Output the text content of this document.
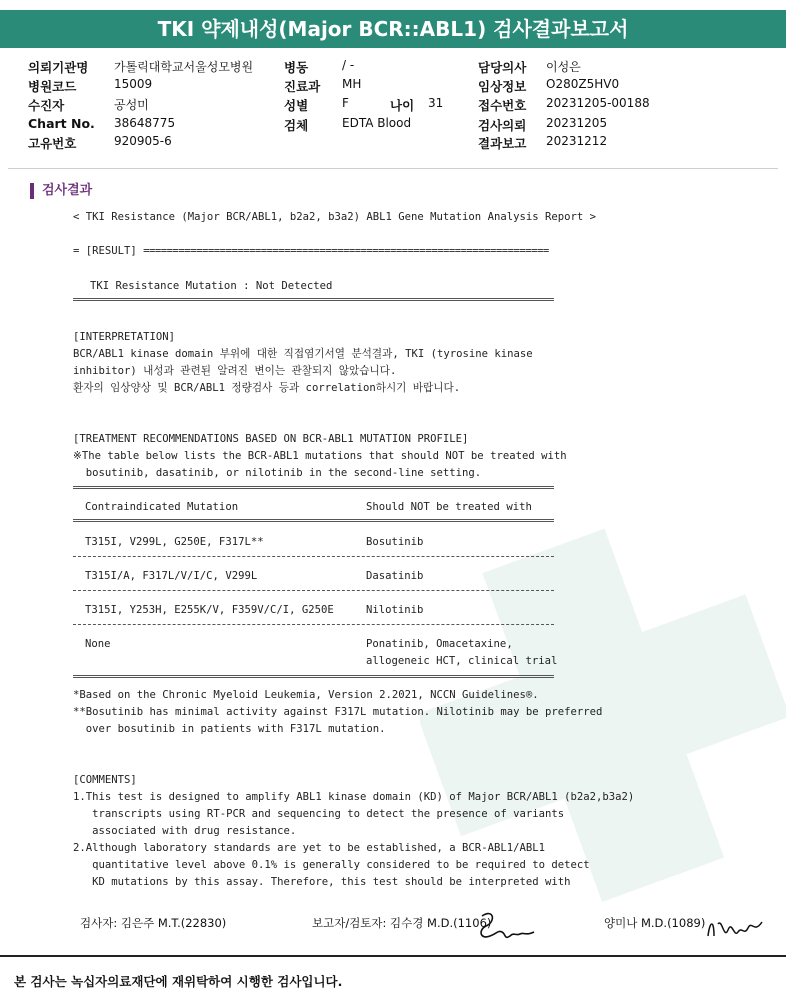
TKI 약제내성(Major BCR::ABL1) 검사결과보고서
의뢰기관명 가톨릭대학교서울성모병원
병원코드	15009
수진자	공성미
Chart No. 38648775
고유번호	920905-6
병동	/ -
진료과 MH
성별	F	나이 31
검체	EDTA Blood
담당의사 이성은
임상정보 O280Z5HV0
접수번호 20231205-00188
검사의뢰 20231205
결과보고 20231212
검사결과
< TKI Resistance (Major BCR/ABL1, b2a2, b3a2) ABL1 Gene Mutation Analysis Report >
= [RESULT] =====================================================================
TKI Resistance Mutation : Not Detected
[INTERPRETATION]
BCR/ABL1 kinase domain 부위에 대한 직접염기서열 분석결과, TKI (tyrosine kinase
inhibitor) 내성과 관련된 알려진 변이는 관찰되지 않았습니다.
환자의 임상양상 및 BCR/ABL1 정량검사 등과 correlation하시기 바랍니다.
[TREATMENT RECOMMENDATIONS BASED ON BCR-ABL1 MUTATION PROFILE]
※The table below lists the BCR-ABL1 mutations that should NOT be treated with
bosutinib, dasatinib, or nilotinib in the second-line setting.
Contraindicated Mutation	Should NOT be treated with
T315I, V299L, G250E, F317L**	Bosutinib
T315I/A, F317L/V/I/C, V299L	Dasatinib
T315I, Y253H, E255K/V, F359V/C/I, G250E	Nilotinib
None	Ponatinib, Omacetaxine,
allogeneic HCT, clinical trial
*Based on the Chronic Myeloid Leukemia, Version 2.2021, NCCN Guidelines®.
**Bosutinib has minimal activity against F317L mutation. Nilotinib may be preferred
over bosutinib in patients with F317L mutation.
[COMMENTS]
1.This test is designed to amplify ABL1 kinase domain (KD) of Major BCR/ABL1 (b2a2,b3a2)
transcripts using RT-PCR and sequencing to detect the presence of variants
associated with drug resistance.
2.Although laboratory standards are yet to be established, a BCR-ABL1/ABL1
quantitative level above 0.1% is generally considered to be required to detect
KD mutations by this assay. Therefore, this test should be interpreted with
검사자: 김은주 M.T.(22830)	보고자/검토자: 김수경 M.D.(1106)	양미나 M.D.(1089)
본 검사는 녹십자의료재단에 재위탁하여 시행한 검사입니다.
